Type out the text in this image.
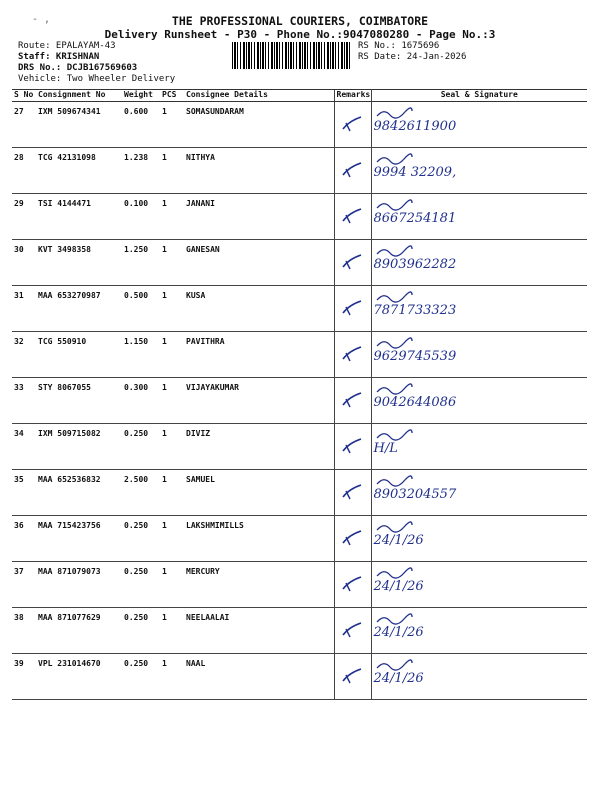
- ,	THE PROFESSIONAL COURIERS, COIMBATORE
Delivery Runsheet - P30 - Phone No.:9047080280 - Page No.:3
Route: EPALAYAM-43
Staff: KRISHNAN
DRS No.: DCJB167569603
Vehicle: Two Wheeler Delivery
RS No.: 1675696
RS Date: 24-Jan-2026
S No	Consignment No	Weight	PCS	Consignee Details	Remarks	Seal & Signature
27	IXM 509674341	0.600	1	SOMASUNDARAM		9842611900
28	TCG 42131098	1.238	1	NITHYA		9994 32209,
29	TSI 4144471	0.100	1	JANANI		8667254181
30	KVT 3498358	1.250	1	GANESAN		8903962282
31	MAA 653270987	0.500	1	KUSA		7871733323
32	TCG 550910	1.150	1	PAVITHRA		9629745539
33	STY 8067055	0.300	1	VIJAYAKUMAR		9042644086
34	IXM 509715082	0.250	1	DIVIZ		H/L
35	MAA 652536832	2.500	1	SAMUEL		8903204557
36	MAA 715423756	0.250	1	LAKSHMIMILLS		24/1/26
37	MAA 871079073	0.250	1	MERCURY		24/1/26
38	MAA 871077629	0.250	1	NEELAALAI		24/1/26
39	VPL 231014670	0.250	1	NAAL		24/1/26
